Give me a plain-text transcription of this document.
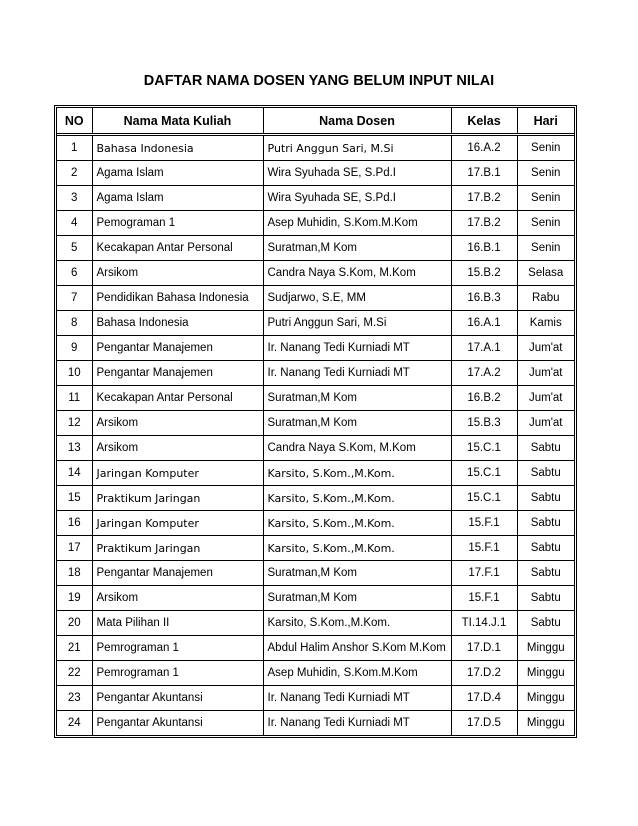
DAFTAR NAMA DOSEN YANG BELUM INPUT NILAI
NO	Nama Mata Kuliah	Nama Dosen	Kelas	Hari
1	Bahasa Indonesia	Putri Anggun Sari, M.Si	16.A.2	Senin
2	Agama Islam	Wira Syuhada SE, S.Pd.I	17.B.1	Senin
3	Agama Islam	Wira Syuhada SE, S.Pd.I	17.B.2	Senin
4	Pemograman 1	Asep Muhidin, S.Kom.M.Kom	17.B.2	Senin
5	Kecakapan Antar Personal	Suratman,M Kom	16.B.1	Senin
6	Arsikom	Candra Naya S.Kom, M.Kom	15.B.2	Selasa
7	Pendidikan Bahasa Indonesia	Sudjarwo, S.E, MM	16.B.3	Rabu
8	Bahasa Indonesia	Putri Anggun Sari, M.Si	16.A.1	Kamis
9	Pengantar Manajemen	Ir. Nanang Tedi Kurniadi MT	17.A.1	Jum'at
10	Pengantar Manajemen	Ir. Nanang Tedi Kurniadi MT	17.A.2	Jum'at
11	Kecakapan Antar Personal	Suratman,M Kom	16.B.2	Jum'at
12	Arsikom	Suratman,M Kom	15.B.3	Jum'at
13	Arsikom	Candra Naya S.Kom, M.Kom	15.C.1	Sabtu
14	Jaringan Komputer	Karsito, S.Kom.,M.Kom.	15.C.1	Sabtu
15	Praktikum Jaringan	Karsito, S.Kom.,M.Kom.	15.C.1	Sabtu
16	Jaringan Komputer	Karsito, S.Kom.,M.Kom.	15.F.1	Sabtu
17	Praktikum Jaringan	Karsito, S.Kom.,M.Kom.	15.F.1	Sabtu
18	Pengantar Manajemen	Suratman,M Kom	17.F.1	Sabtu
19	Arsikom	Suratman,M Kom	15.F.1	Sabtu
20	Mata Pilihan II	Karsito, S.Kom.,M.Kom.	TI.14.J.1	Sabtu
21	Pemrograman 1	Abdul Halim Anshor S.Kom M.Kom	17.D.1	Minggu
22	Pemrograman 1	Asep Muhidin, S.Kom.M.Kom	17.D.2	Minggu
23	Pengantar Akuntansi	Ir. Nanang Tedi Kurniadi MT	17.D.4	Minggu
24	Pengantar Akuntansi	Ir. Nanang Tedi Kurniadi MT	17.D.5	Minggu
